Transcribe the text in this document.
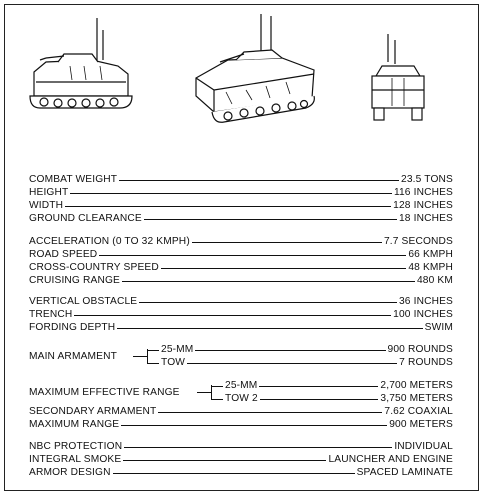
COMBAT WEIGHT	23.5 TONS
HEIGHT	116 INCHES
WIDTH	128 INCHES
GROUND CLEARANCE	18 INCHES
ACCELERATION (0 TO 32 KMPH)	7.7 SECONDS
ROAD SPEED	66 KMPH
CROSS-COUNTRY SPEED	48 KMPH
CRUISING RANGE	480 KM
VERTICAL OBSTACLE	36 INCHES
TRENCH	100 INCHES
FORDING DEPTH	SWIM
MAIN ARMAMENT
25-MM	900 ROUNDS
TOW	7 ROUNDS
MAXIMUM EFFECTIVE RANGE
25-MM	2,700 METERS
TOW 2	3,750 METERS
SECONDARY ARMAMENT	7.62 COAXIAL
MAXIMUM RANGE	900 METERS
NBC PROTECTION	INDIVIDUAL
INTEGRAL SMOKE	LAUNCHER AND ENGINE
ARMOR DESIGN	SPACED LAMINATE
